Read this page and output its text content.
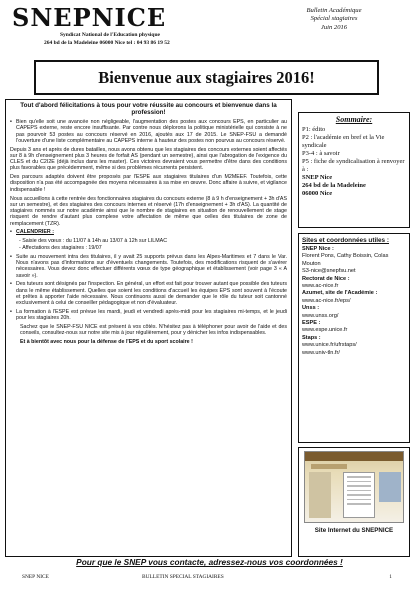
SNEPNICE
Syndicat National de l'Education physique
264 bd de la Madeleine 06000 Nice tel : 04 93 86 19 52
Bulletin Académique
Spécial stagiaires
Juin 2016
Bienvenue aux stagiaires 2016!

Tout d'abord félicitations à tous pour votre réussite au concours et bienvenue dans la profession!

• Bien qu'elle soit une avancée non négligeable, l'augmentation des postes aux concours EPS, en particulier au CAPEPS externe, reste encore insuffisante. Par contre nous déplorons la politique ministérielle qui consiste à ne pas pourvoir 53 postes au concours réservé en 2016, ajoutés aux 17 de 2015. Le SNEP-FSU a demandé l'ouverture d'une liste complémentaire au CAPEPS interne à hauteur des postes non pourvus au concours réservé.

Depuis 3 ans et après de dures batailles, nous avons obtenu que les stagiaires des concours externes soient affectés sur 8 à 9h d'enseignement plus 3 heures de forfait AS (pendant un semestre), ainsi que l'abrogation de l'exigence du CLES et du C2I2E (déjà inclus dans les master). Ces victoires devraient vous permettre d'être dans des conditions plus favorables que précédemment, même si des problèmes récurrents persistent.

Des parcours adaptés doivent être proposés par l'ESPE aux stagiaires titulaires d'un M2MEEF. Toutefois, cette disposition n'a pas été accompagnée des moyens nécessaires à sa mise en œuvre. Donc affaire à suivre, et vigilance indispensable !

Nous accueillons à cette rentrée des fonctionnaires stagiaires du concours externe (8 à 9 h d'enseignement + 3h d'AS sur un semestre), et des stagiaires des concours internes et réservé (17h d'enseignement + 3h d'AS). La quantité de stagiaires nommés sur notre académie ainsi que le nombre de stagiaires en situation de renouvellement de stage risquent de rendre d'autant plus complexe votre affectation de même que celles des titulaires de zone de remplacement (TZR).

• CALENDRIER :
- Saisie des vœux : du 11/07 à 14h au 13/07 à 12h sur LILMAC
- Affectations des stagiaires : 19/07
• Suite au mouvement intra des titulaires, il y avait 25 supports prévus dans les Alpes-Maritimes et 7 dans le Var. Nous n'avons pas d'informations sur d'éventuels changements. Toutefois, des modifications risquent de s'avérer nécessaires. Vous devez donc effectuer différents vœux de type géographique et établissement (voir page 3 « A savoir »).
• Des tuteurs sont désignés par l'inspection. En général, un effort est fait pour trouver autant que possible des tuteurs dans le même établissement. Quelles que soient les conditions d'accueil les équipes EPS sont souvent à l'écoute et prêtes à apporter l'aide nécessaire. Nous continuons aussi de demander que le rôle du tuteur soit cantonné exclusivement à celui de conseiller pédagogique et non d'évaluateur.
• La formation à l'ESPE est prévue les mardi, jeudi et vendredi après-midi pour les stagiaires mi-temps, et le jeudi pour les stagiaires 20h.

Sachez que le SNEP-FSU NICE est présent à vos côtés. N'hésitez pas à téléphoner pour avoir de l'aide et des conseils, consultez-nous sur notre site mis à jour régulièrement, pour y dénicher les infos indispensables.

Et à bientôt avec nous pour la défense de l'EPS et du sport scolaire !

Sommaire:
P1: édito
P2 : l'académie en bref et la Vie syndicale
P3-4 : à savoir
P5 : fiche de syndicalisation à renvoyer à :
SNEP Nice
264 bd de la Madeleine
06000 Nice
Sites et coordonnées utiles :
SNEP Nice :
Florent Pons, Cathy Boissin, Colas Mouton
S3-nice@snepfsu.net
Rectorat de Nice :
www.ac-nice.fr
Azumet, site de l'Académie :
www.ac-nice.fr/eps/
Unss :
www.unss.org/
ESPE :
www.espe.unice.fr
Staps :
www.unice.fr/ufrstaps/
www.univ-tln.fr/
Site Internet du SNEPNICE
Pour que le SNEP vous contacte, adressez-nous vos coordonnées !
SNEP NICE	BULLETIN SPECIAL STAGIAIRES	1
